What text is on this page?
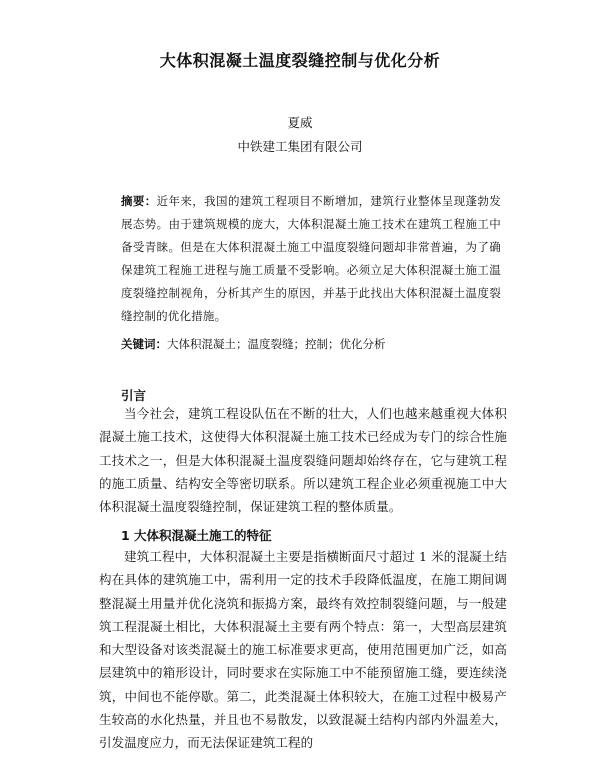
大体积混凝土温度裂缝控制与优化分析
夏威
中铁建工集团有限公司
摘要：近年来，我国的建筑工程项目不断增加，建筑行业整体呈现蓬勃发展态势。由于建筑规模的庞大，大体积混凝土施工技术在建筑工程施工中备受青睐。但是在大体积混凝土施工中温度裂缝问题却非常普遍，为了确保建筑工程施工进程与施工质量不受影响。必须立足大体积混凝土施工温度裂缝控制视角，分析其产生的原因，并基于此找出大体积混凝土温度裂缝控制的优化措施。
关键词：大体积混凝土；温度裂缝；控制；优化分析
引言
当今社会，建筑工程设队伍在不断的壮大，人们也越来越重视大体积混凝土施工技术，这使得大体积混凝土施工技术已经成为专门的综合性施工技术之一，但是大体积混凝土温度裂缝问题却始终存在，它与建筑工程的施工质量、结构安全等密切联系。所以建筑工程企业必须重视施工中大体积混凝土温度裂缝控制，保证建筑工程的整体质量。
1 大体积混凝土施工的特征
建筑工程中，大体积混凝土主要是指横断面尺寸超过 1 米的混凝土结构在具体的建筑施工中，需利用一定的技术手段降低温度，在施工期间调整混凝土用量并优化浇筑和振捣方案，最终有效控制裂缝问题，与一般建筑工程混凝土相比，大体积混凝土主要有两个特点：第一，大型高层建筑和大型设备对该类混凝土的施工标准要求更高，使用范围更加广泛，如高层建筑中的箱形设计，同时要求在实际施工中不能预留施工缝，要连续浇筑，中间也不能停歇。第二，此类混凝土体积较大，在施工过程中极易产生较高的水化热量，并且也不易散发，以致混凝土结构内部内外温差大，引发温度应力，而无法保证建筑工程的
